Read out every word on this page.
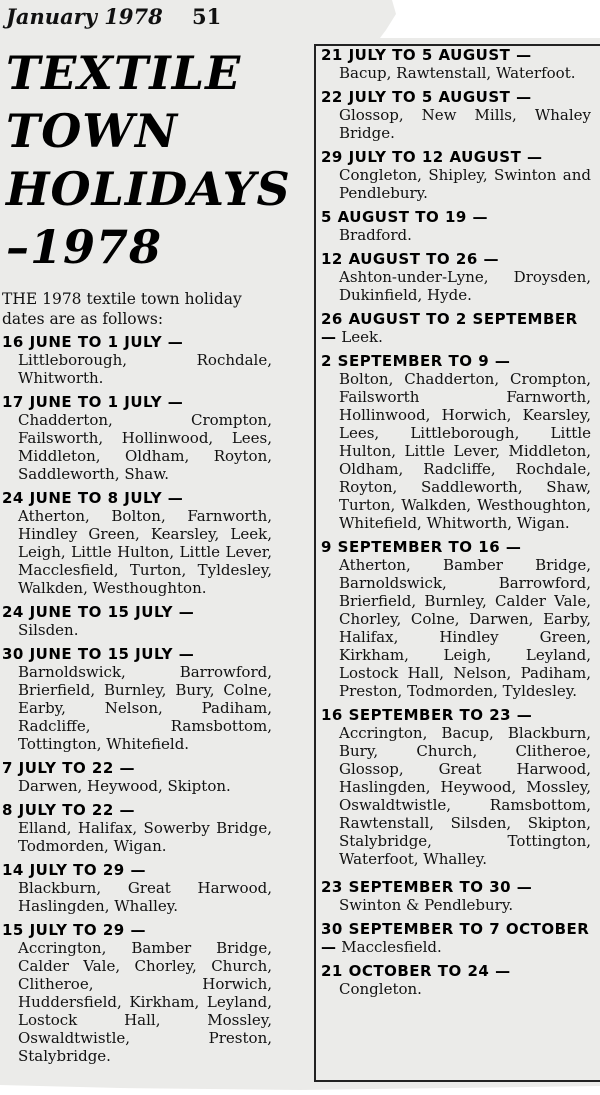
January 1978 51
TEXTILE
TOWN
HOLIDAYS
–1978
THE 1978 textile town holiday dates are as follows:
16 JUNE TO 1 JULY —
Littleborough, Rochdale, Whitworth.
17 JUNE TO 1 JULY —
Chadderton, Crompton, Failsworth, Hollinwood, Lees, Middleton, Oldham, Royton, Saddleworth, Shaw.
24 JUNE TO 8 JULY —
Atherton, Bolton, Farnworth, Hindley Green, Kearsley, Leek, Leigh, Little Hulton, Little Lever, Macclesfield, Turton, Tyldesley, Walkden, Westhoughton.
24 JUNE TO 15 JULY —
Silsden.
30 JUNE TO 15 JULY —
Barnoldswick, Barrowford, Brierfield, Burnley, Bury, Colne, Earby, Nelson, Padiham, Radcliffe, Ramsbottom, Tottington, Whitefield.
7 JULY TO 22 —
Darwen, Heywood, Skipton.
8 JULY TO 22 —
Elland, Halifax, Sowerby Bridge, Todmorden, Wigan.
14 JULY TO 29 —
Blackburn, Great Harwood, Haslingden, Whalley.
15 JULY TO 29 —
Accrington, Bamber Bridge, Calder Vale, Chorley, Church, Clitheroe, Horwich, Huddersfield, Kirkham, Leyland, Lostock Hall, Mossley, Oswaldtwistle, Preston, Stalybridge.
21 JULY TO 5 AUGUST —
Bacup, Rawtenstall, Waterfoot.
22 JULY TO 5 AUGUST —
Glossop, New Mills, Whaley Bridge.
29 JULY TO 12 AUGUST —
Congleton, Shipley, Swinton and Pendlebury.
5 AUGUST TO 19 —
Bradford.
12 AUGUST TO 26 —
Ashton-under-Lyne, Droysden, Dukinfield, Hyde.
26 AUGUST TO 2 SEPTEMBER — Leek.
2 SEPTEMBER TO 9 —
Bolton, Chadderton, Crompton, Failsworth Farnworth, Hollinwood, Horwich, Kearsley, Lees, Littleborough, Little Hulton, Little Lever, Middleton, Oldham, Radcliffe, Rochdale, Royton, Saddleworth, Shaw, Turton, Walkden, Westhoughton, Whitefield, Whitworth, Wigan.
9 SEPTEMBER TO 16 —
Atherton, Bamber Bridge, Barnoldswick, Barrowford, Brierfield, Burnley, Calder Vale, Chorley, Colne, Darwen, Earby, Halifax, Hindley Green, Kirkham, Leigh, Leyland, Lostock Hall, Nelson, Padiham, Preston, Todmorden, Tyldesley.
16 SEPTEMBER TO 23 —
Accrington, Bacup, Blackburn, Bury, Church, Clitheroe, Glossop, Great Harwood, Haslingden, Heywood, Mossley, Oswaldtwistle, Ramsbottom, Rawtenstall, Silsden, Skipton, Stalybridge, Tottington, Waterfoot, Whalley.
23 SEPTEMBER TO 30 —
Swinton & Pendlebury.
30 SEPTEMBER TO 7 OCTOBER — Macclesfield.
21 OCTOBER TO 24 —
Congleton.
